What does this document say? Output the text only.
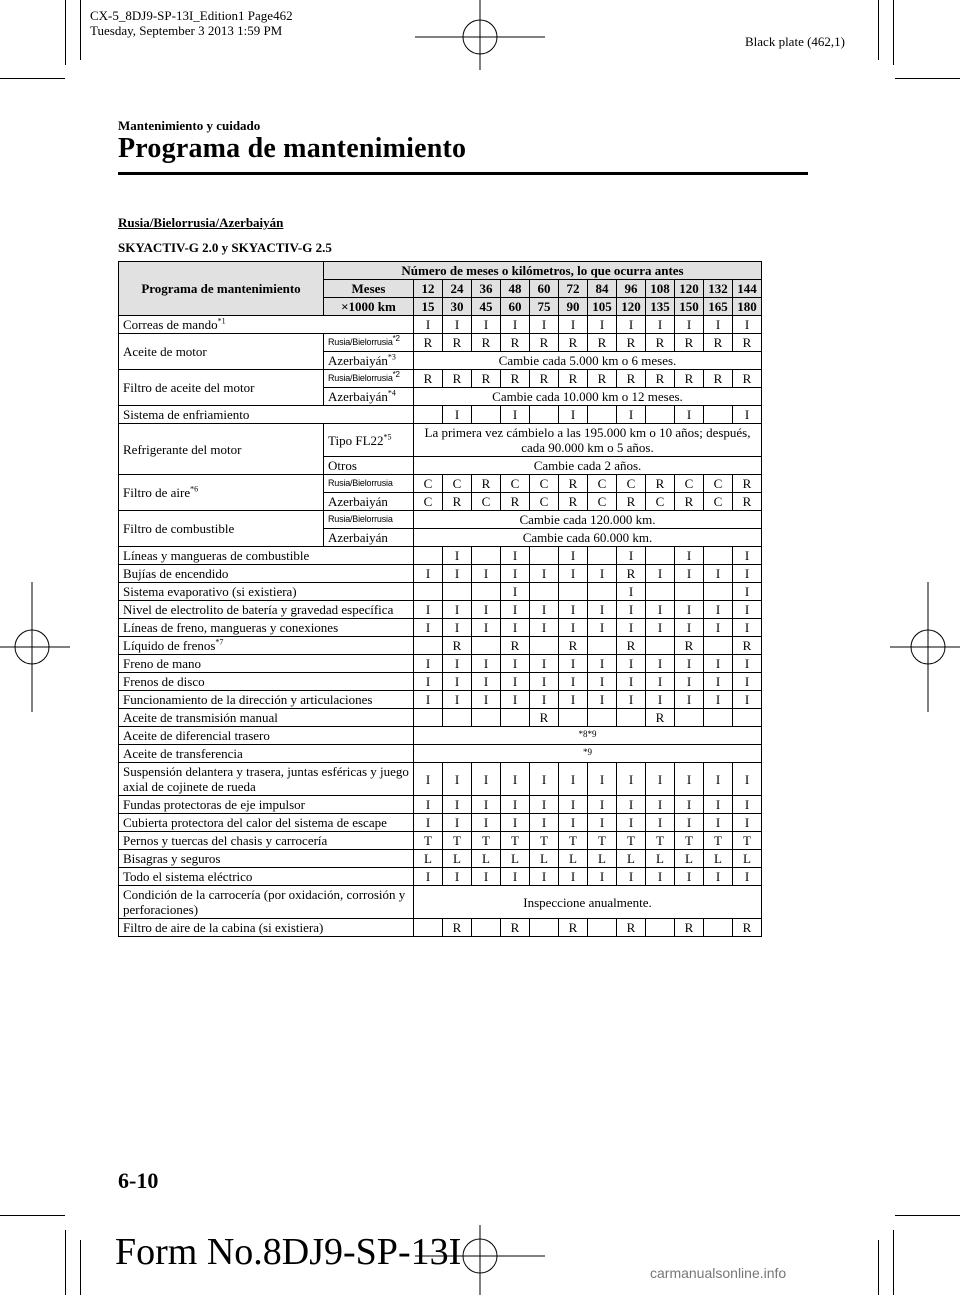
CX-5_8DJ9-SP-13I_Edition1 Page462
Tuesday, September 3 2013 1:59 PM
Black plate (462,1)
Mantenimiento y cuidado
Programa de mantenimiento
Rusia/Bielorrusia/Azerbaiyán
SKYACTIV-G 2.0 y SKYACTIV-G 2.5
Programa de mantenimiento	Número de meses o kilómetros, lo que ocurra antes												
	Meses	12	24	36	48	60	72	84	96	108	120	132	144
	×1000 km	15	30	45	60	75	90	105	120	135	150	165	180
Correas de mando$^{*1}$		I	I	I	I	I	I	I	I	I	I	I	I
Aceite de motor	Rusia/Bielorrusia$^{*2}$	R	R	R	R	R	R	R	R	R	R	R	R
	Azerbaiyán$^{*3}$	Cambie cada 5.000 km o 6 meses.											
Filtro de aceite del motor	Rusia/Bielorrusia$^{*2}$	R	R	R	R	R	R	R	R	R	R	R	R
	Azerbaiyán$^{*4}$	Cambie cada 10.000 km o 12 meses.											
Sistema de enfriamiento			I		I		I		I		I		I
Refrigerante del motor	Tipo FL22$^{*5}$	La primera vez cámbielo a las 195.000 km o 10 años; después, cada 90.000 km o 5 años.											
	Otros	Cambie cada 2 años.											
Filtro de aire$^{*6}$	Rusia/Bielorrusia	C	C	R	C	C	R	C	C	R	C	C	R
	Azerbaiyán	C	R	C	R	C	R	C	R	C	R	C	R
Filtro de combustible	Rusia/Bielorrusia	Cambie cada 120.000 km.											
	Azerbaiyán	Cambie cada 60.000 km.											
Líneas y mangueras de combustible			I		I		I		I		I		I
Bujías de encendido		I	I	I	I	I	I	I	R	I	I	I	I
Sistema evaporativo (si existiera)					I				I				I
Nivel de electrolito de batería y gravedad específica		I	I	I	I	I	I	I	I	I	I	I	I
Líneas de freno, mangueras y conexiones		I	I	I	I	I	I	I	I	I	I	I	I
Líquido de frenos$^{*7}$			R		R		R		R		R		R
Freno de mano		I	I	I	I	I	I	I	I	I	I	I	I
Frenos de disco		I	I	I	I	I	I	I	I	I	I	I	I
Funcionamiento de la dirección y articulaciones		I	I	I	I	I	I	I	I	I	I	I	I
Aceite de transmisión manual						R				R			
Aceite de diferencial trasero		*8*9											
Aceite de transferencia		*9											
Suspensión delantera y trasera, juntas esféricas y juego axial de cojinete de rueda		I	I	I	I	I	I	I	I	I	I	I	I
Fundas protectoras de eje impulsor		I	I	I	I	I	I	I	I	I	I	I	I
Cubierta protectora del calor del sistema de escape		I	I	I	I	I	I	I	I	I	I	I	I
Pernos y tuercas del chasis y carrocería		T	T	T	T	T	T	T	T	T	T	T	T
Bisagras y seguros		L	L	L	L	L	L	L	L	L	L	L	L
Todo el sistema eléctrico		I	I	I	I	I	I	I	I	I	I	I	I
Condición de la carrocería (por oxidación, corrosión y perforaciones)		Inspeccione anualmente.											
Filtro de aire de la cabina (si existiera)			R		R		R		R		R		R
6-10
Form No.8DJ9-SP-13I	carmanualsonline.info
